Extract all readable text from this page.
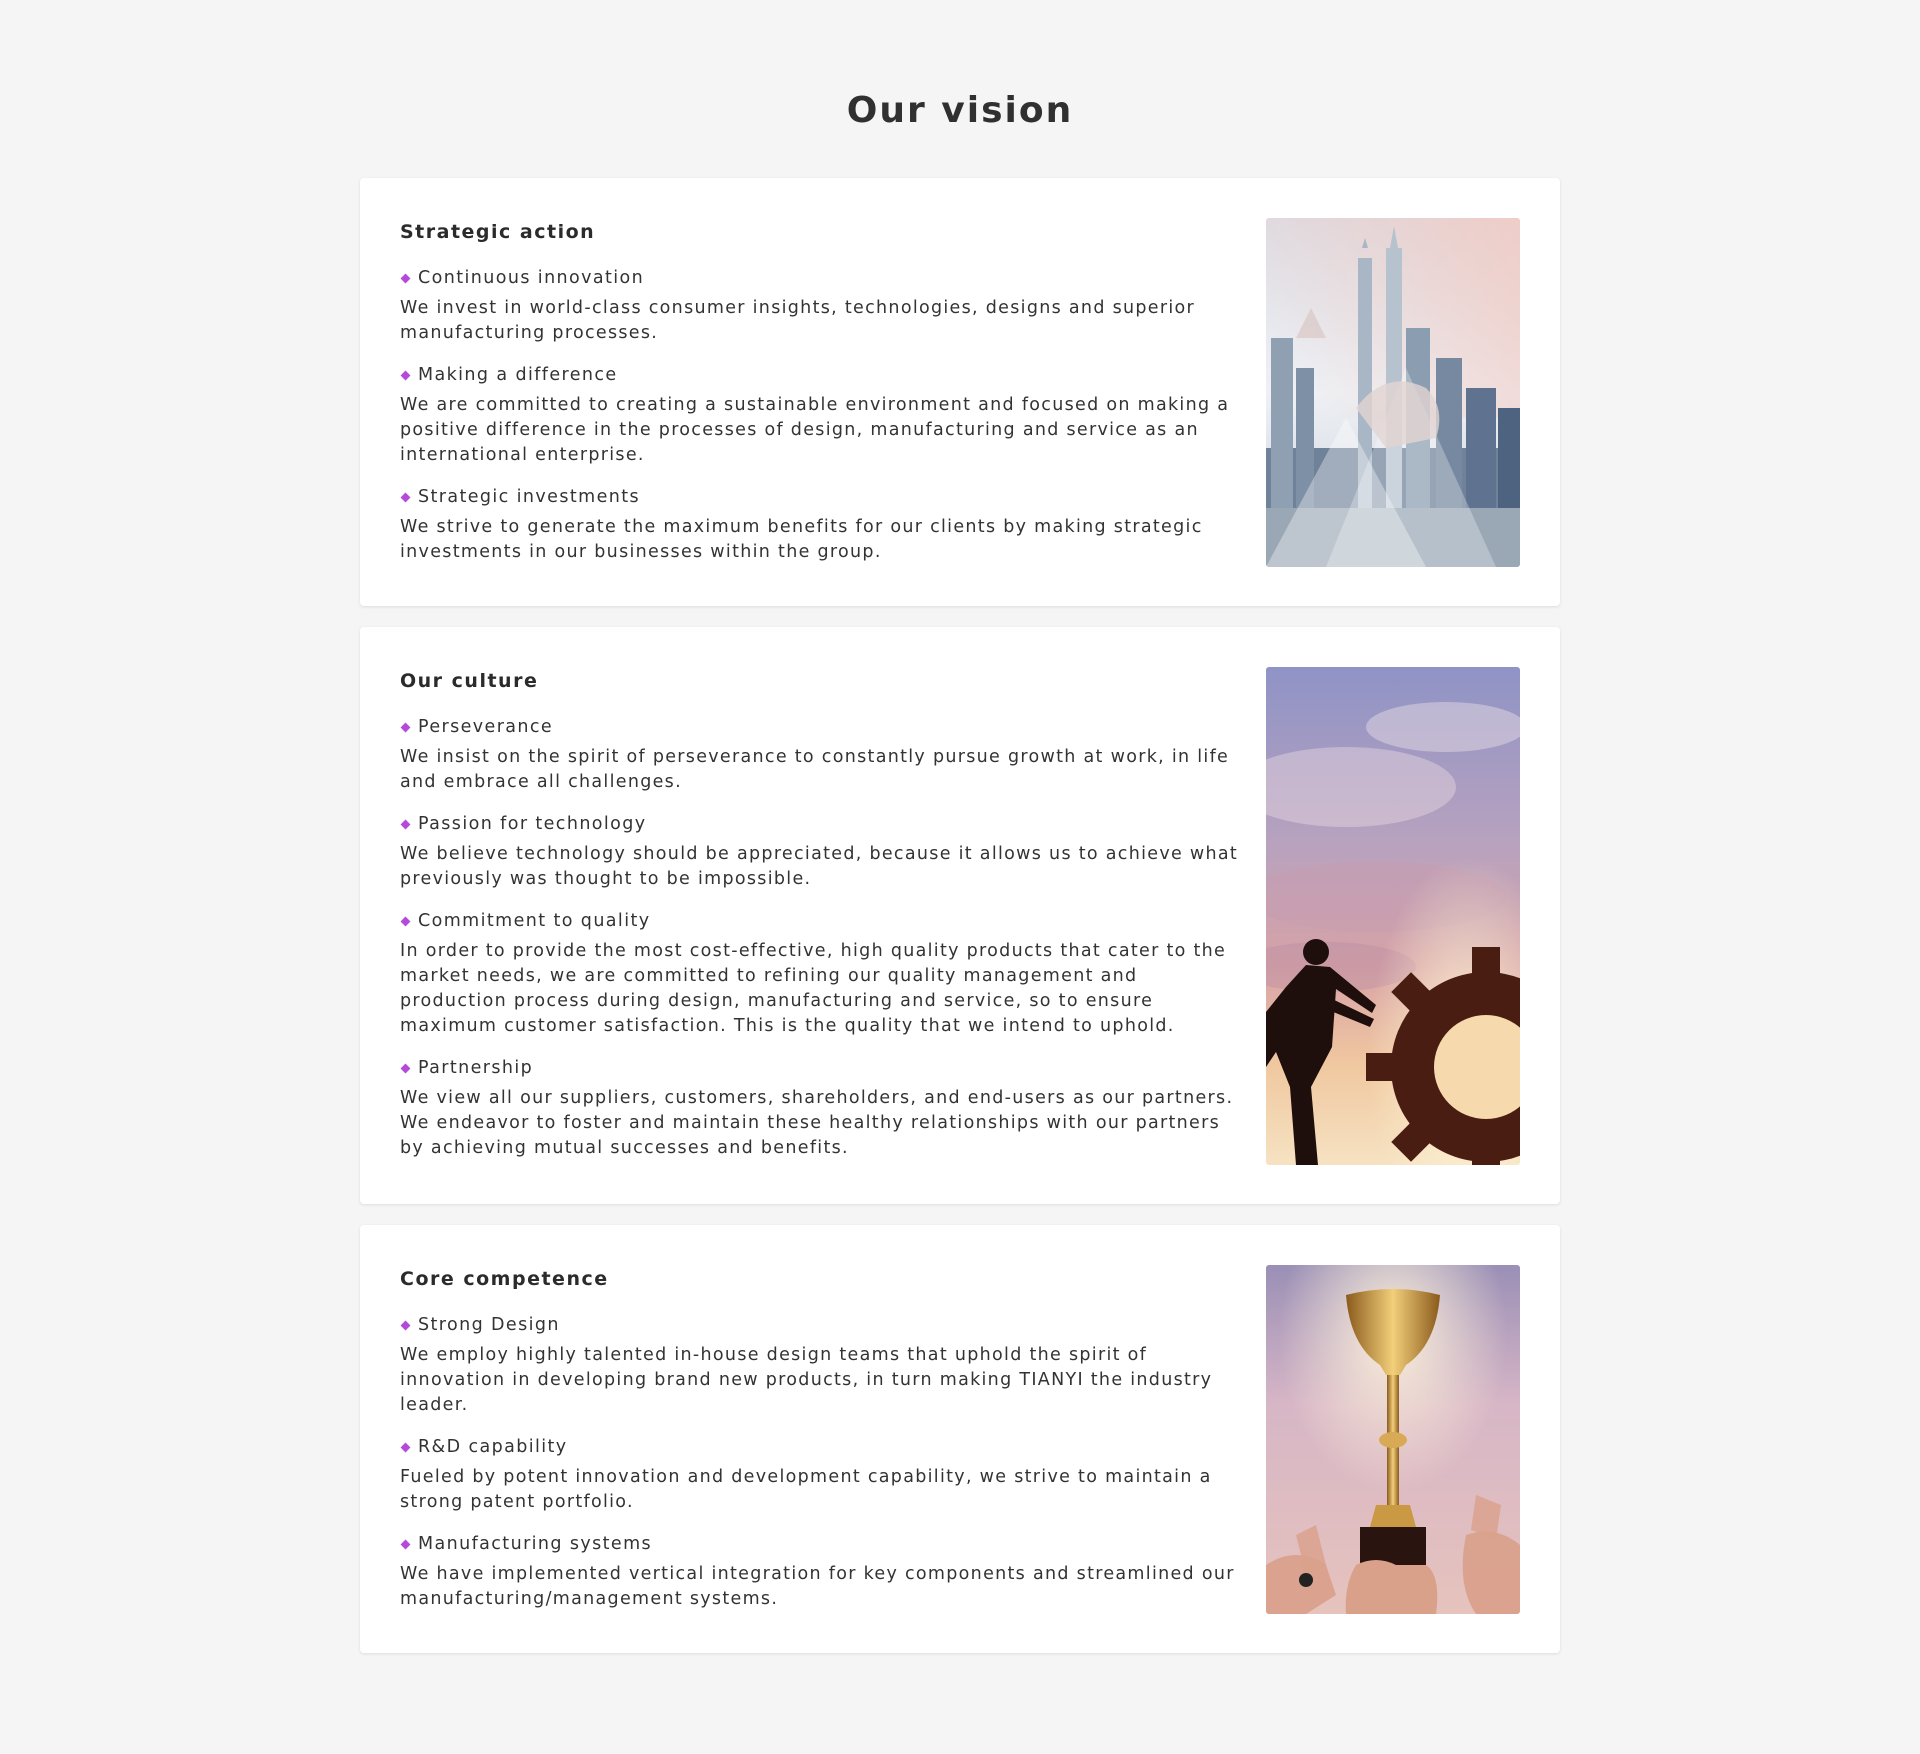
Our vision
Strategic action
Continuous innovation

We invest in world-class consumer insights, technologies, designs and superior manufacturing processes.

Making a difference

We are committed to creating a sustainable environment and focused on making a positive difference in the processes of design, manufacturing and service as an international enterprise.

Strategic investments

We strive to generate the maximum benefits for our clients by making strategic investments in our businesses within the group.

Our culture
Perseverance

We insist on the spirit of perseverance to constantly pursue growth at work, in life and embrace all challenges.

Passion for technology

We believe technology should be appreciated, because it allows us to achieve what previously was thought to be impossible.

Commitment to quality

In order to provide the most cost-effective, high quality products that cater to the market needs, we are committed to refining our quality management and production process during design, manufacturing and service, so to ensure maximum customer satisfaction. This is the quality that we intend to uphold.

Partnership

We view all our suppliers, customers, shareholders, and end-users as our partners. We endeavor to foster and maintain these healthy relationships with our partners by achieving mutual successes and benefits.

Core competence
Strong Design

We employ highly talented in-house design teams that uphold the spirit of innovation in developing brand new products, in turn making TIANYI the industry leader.

R&D capability

Fueled by potent innovation and development capability, we strive to maintain a strong patent portfolio.

Manufacturing systems

We have implemented vertical integration for key components and streamlined our manufacturing/management systems.
